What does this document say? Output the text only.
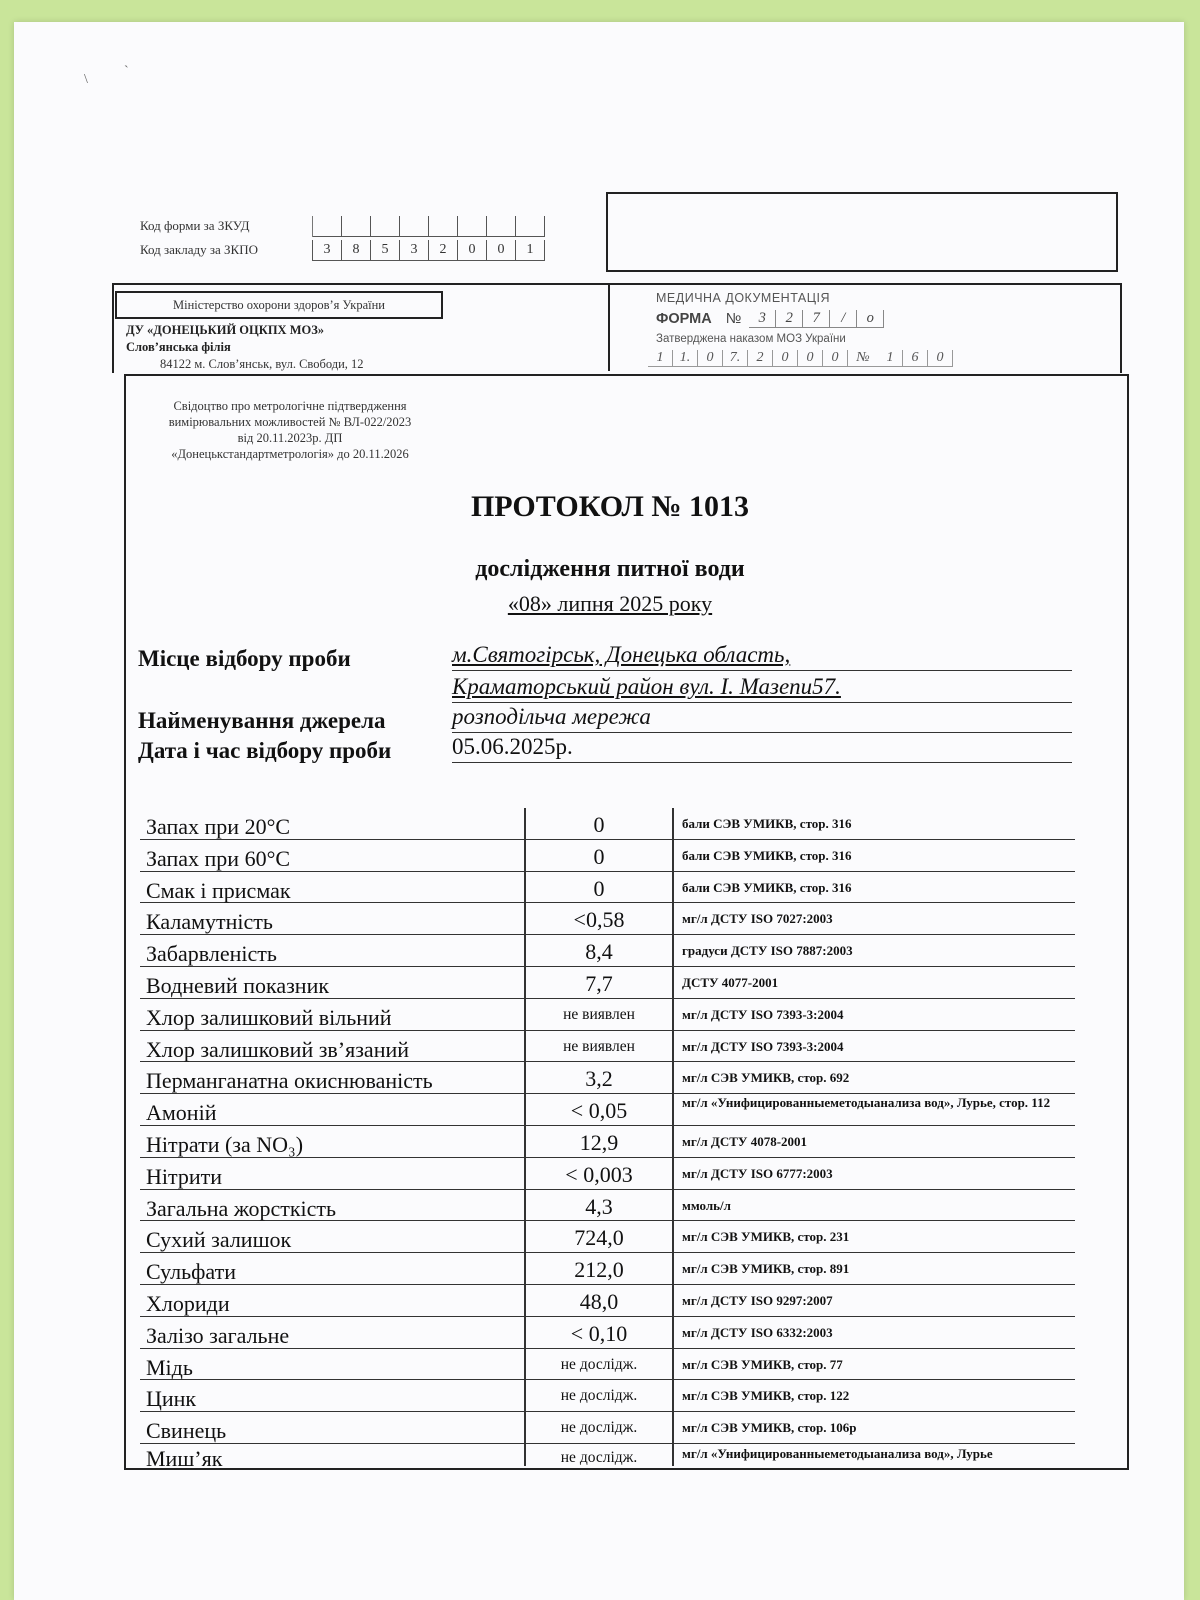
\
`
Код форми за ЗКУД
Код закладу за ЗКПО	3	8	5	3	2	0	0	1
Міністерство охорони здоров’я України
ДУ «ДОНЕЦЬКИЙ ОЦКПХ МОЗ»
Слов’янська філія
84122 м. Слов’янськ, вул. Свободи, 12
МЕДИЧНА ДОКУМЕНТАЦІЯ
ФОРМА №	3	2	7	/	о
Затверджена наказом МОЗ України
1	1.	0	7.	2	0	0	0	№	1	6	0
Свідоцтво про метрологічне підтвердження
вимірювальних можливостей № ВЛ-022/2023
від 20.11.2023р. ДП
«Донецькстандартметрологія» до 20.11.2026
ПРОТОКОЛ № 1013
дослідження питної води
«08» липня 2025 року
Місце відбору проби	м.Святогірськ, Донецька область,
Краматорський район вул. І. Мазепи57.
Найменування джерела	розподільча мережа
Дата і час відбору проби	05.06.2025р.
Запах при 20°С	0	бали СЭВ УМИКВ, стор. 316
Запах при 60°С	0	бали СЭВ УМИКВ, стор. 316
Смак і присмак	0	бали СЭВ УМИКВ, стор. 316
Каламутність	<0,58	мг/л ДСТУ ISO 7027:2003
Забарвленість	8,4	градуси ДСТУ ISO 7887:2003
Водневий показник	7,7	ДСТУ 4077-2001
Хлор залишковий вільний	не виявлен	мг/л ДСТУ ISO 7393-3:2004
Хлор залишковий зв’язаний	не виявлен	мг/л ДСТУ ISO 7393-3:2004
Перманганатна окиснюваність	3,2	мг/л СЭВ УМИКВ, стор. 692
Амоній	< 0,05	мг/л «Унифицированныеметодыанализа вод», Лурье, стор. 112
Нітрати (за NO₃)	12,9	мг/л ДСТУ 4078-2001
Нітрити	< 0,003	мг/л ДСТУ ISO 6777:2003
Загальна жорсткість	4,3	ммоль/л
Сухий залишок	724,0	мг/л СЭВ УМИКВ, стор. 231
Сульфати	212,0	мг/л СЭВ УМИКВ, стор. 891
Хлориди	48,0	мг/л ДСТУ ISO 9297:2007
Залізо загальне	< 0,10	мг/л ДСТУ ISO 6332:2003
Мідь	не дослідж.	мг/л СЭВ УМИКВ, стор. 77
Цинк	не дослідж.	мг/л СЭВ УМИКВ, стор. 122
Свинець	не дослідж.	мг/л СЭВ УМИКВ, стор. 106р
Миш’як	не дослідж.	мг/л «Унифицированныеметодыанализа вод», Лурье
